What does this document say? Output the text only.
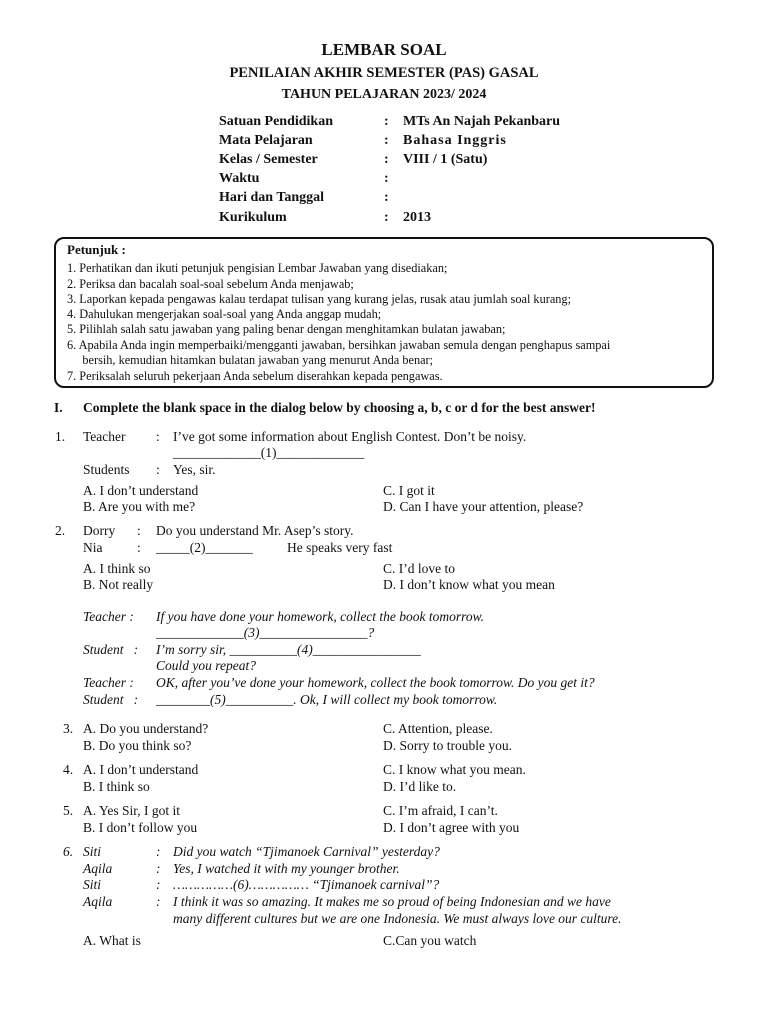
LEMBAR SOAL
PENILAIAN AKHIR SEMESTER (PAS) GASAL
TAHUN PELAJARAN 2023/ 2024
Satuan Pendidikan	: MTs An Najah Pekanbaru
Mata Pelajaran	: Bahasa Inggris
Kelas / Semester	: VIII / 1 (Satu)
Waktu	:
Hari dan Tanggal	:
Kurikulum	: 2013
Petunjuk :
1. Perhatikan dan ikuti petunjuk pengisian Lembar Jawaban yang disediakan;
2. Periksa dan bacalah soal-soal sebelum Anda menjawab;
3. Laporkan kepada pengawas kalau terdapat tulisan yang kurang jelas, rusak atau jumlah soal kurang;
4. Dahulukan mengerjakan soal-soal yang Anda anggap mudah;
5. Pilihlah salah satu jawaban yang paling benar dengan menghitamkan bulatan jawaban;
6. Apabila Anda ingin memperbaiki/mengganti jawaban, bersihkan jawaban semula dengan penghapus sampai
bersih, kemudian hitamkan bulatan jawaban yang menurut Anda benar;
7. Periksalah seluruh pekerjaan Anda sebelum diserahkan kepada pengawas.
I. Complete the blank space in the dialog below by choosing a, b, c or d for the best answer!
1. Teacher : I’ve got some information about English Contest. Don’t be noisy.
_____________(1)_____________
Students : Yes, sir.
A. I don’t understand
B. Are you with me?
C. I got it
D. Can I have your attention, please?
2. Dorry : Do you understand Mr. Asep’s story.
Nia	: _____(2)_______	He speaks very fast
A. I think so
B. Not really
C. I’d love to
D. I don’t know what you mean
Teacher : If you have done your homework, collect the book tomorrow.
_____________(3)________________?
Student   : I’m sorry sir, __________(4)________________
Could you repeat?
Teacher : OK, after you’ve done your homework, collect the book tomorrow. Do you get it?
Student   : ________(5)__________. Ok, I will collect my book tomorrow.
3. A. Do you understand?
B. Do you think so?
C. Attention, please.
D. Sorry to trouble you.
4. A. I don’t understand
B. I think so
C. I know what you mean.
D. I’d like to.
5. A. Yes Sir, I got it
B. I don’t follow you
C. I’m afraid, I can’t.
D. I don’t agree with you
6. Siti	: Did you watch “Tjimanoek Carnival” yesterday?
Aqila	: Yes, I watched it with my younger brother.
Siti	: ……………(6)…………… “Tjimanoek carnival”?
Aqila	: I think it was so amazing. It makes me so proud of being Indonesian and we have
many different cultures but we are one Indonesia. We must always love our culture.
A. What is	C.Can you watch
